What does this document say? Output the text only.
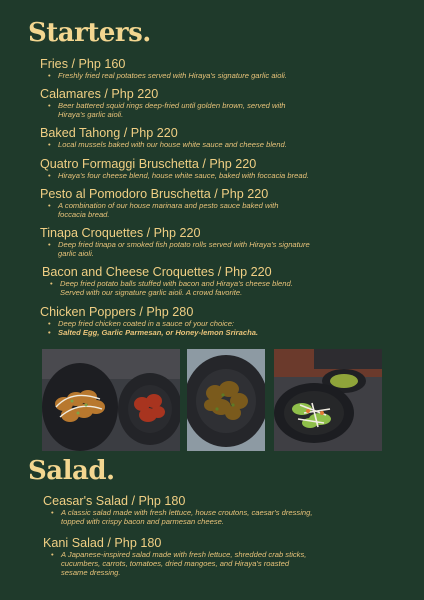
Starters.
Fries / Php 160
• Freshly fried real potatoes served with Hiraya's signature garlic aioli.
Calamares / Php 220
• Beer battered squid rings deep-fried until golden brown, served with
Hiraya's garlic aioli.
Baked Tahong / Php 220
• Local mussels baked with our house white sauce and cheese blend.
Quatro Formaggi Bruschetta / Php 220
• Hiraya's four cheese blend, house white sauce, baked with foccacia bread.
Pesto al Pomodoro Bruschetta / Php 220
• A combination of our house marinara and pesto sauce baked with
foccacia bread.
Tinapa Croquettes / Php 220
• Deep fried tinapa or smoked fish potato rolls served with Hiraya's signature
garlic aioli.
Bacon and Cheese Croquettes / Php 220
• Deep fried potato balls stuffed with bacon and Hiraya's cheese blend.
Served with our signature garlic aioli. A crowd favorite.
Chicken Poppers / Php 280
• Deep fried chicken coated in a sauce of your choice:
• Salted Egg, Garlic Parmesan, or Honey-lemon Sriracha.
Salad.
Ceasar's Salad / Php 180
• A classic salad made with fresh lettuce, house croutons, caesar's dressing,
topped with crispy bacon and parmesan cheese.
Kani Salad / Php 180
• A Japanese-inspired salad made with fresh lettuce, shredded crab sticks,
cucumbers, carrots, tomatoes, dried mangoes, and Hiraya's roasted
sesame dressing.
